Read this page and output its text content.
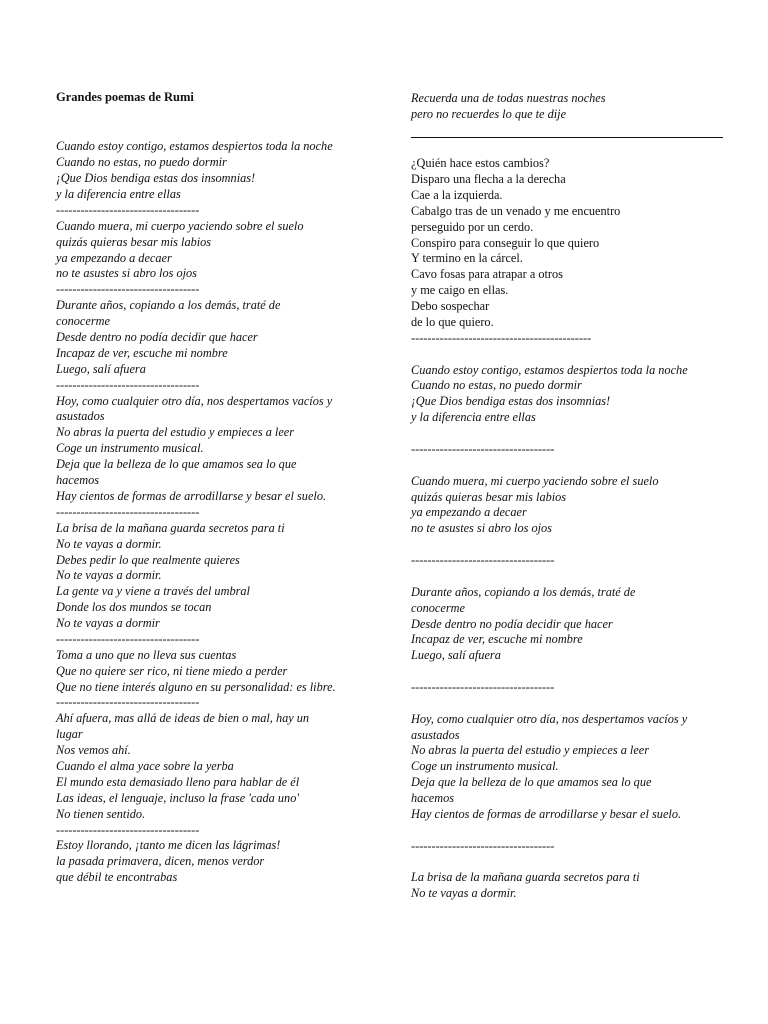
Grandes poemas de Rumi
Cuando estoy contigo, estamos despiertos toda la noche
Cuando no estas, no puedo dormir
¡Que Dios bendiga estas dos insomnias!
y la diferencia entre ellas
-----------------------------------
Cuando muera, mi cuerpo yaciendo sobre el suelo
quizás quieras besar mis labios
ya empezando a decaer
no te asustes si abro los ojos
-----------------------------------
Durante años, copiando a los demás, traté de
conocerme
Desde dentro no podía decidir que hacer
Incapaz de ver, escuche mi nombre
Luego, salí afuera
-----------------------------------
Hoy, como cualquier otro día, nos despertamos vacíos y
asustados
No abras la puerta del estudio y empieces a leer
Coge un instrumento musical.
Deja que la belleza de lo que amamos sea lo que
hacemos
Hay cientos de formas de arrodillarse y besar el suelo.
-----------------------------------
La brisa de la mañana guarda secretos para ti
No te vayas a dormir.
Debes pedir lo que realmente quieres
No te vayas a dormir.
La gente va y viene a través del umbral
Donde los dos mundos se tocan
No te vayas a dormir
-----------------------------------
Toma a uno que no lleva sus cuentas
Que no quiere ser rico, ni tiene miedo a perder
Que no tiene interés alguno en su personalidad: es libre.
-----------------------------------
Ahí afuera, mas allá de ideas de bien o mal, hay un
lugar
Nos vemos ahí.
Cuando el alma yace sobre la yerba
El mundo esta demasiado lleno para hablar de él
Las ideas, el lenguaje, incluso la frase 'cada uno'
No tienen sentido.
-----------------------------------
Estoy llorando, ¡tanto me dicen las lágrimas!
la pasada primavera, dicen, menos verdor
que débil te encontrabas
Recuerda una de todas nuestras noches
pero no recuerdes lo que te dije
¿Quién hace estos cambios?
Disparo una flecha a la derecha
Cae a la izquierda.
Cabalgo tras de un venado y me encuentro
perseguido por un cerdo.
Conspiro para conseguir lo que quiero
Y termino en la cárcel.
Cavo fosas para atrapar a otros
y me caigo en ellas.
Debo sospechar
de lo que quiero.
--------------------------------------------
Cuando estoy contigo, estamos despiertos toda la noche
Cuando no estas, no puedo dormir
¡Que Dios bendiga estas dos insomnias!
y la diferencia entre ellas
-----------------------------------
Cuando muera, mi cuerpo yaciendo sobre el suelo
quizás quieras besar mis labios
ya empezando a decaer
no te asustes si abro los ojos
-----------------------------------
Durante años, copiando a los demás, traté de
conocerme
Desde dentro no podía decidir que hacer
Incapaz de ver, escuche mi nombre
Luego, salí afuera
-----------------------------------
Hoy, como cualquier otro día, nos despertamos vacíos y
asustados
No abras la puerta del estudio y empieces a leer
Coge un instrumento musical.
Deja que la belleza de lo que amamos sea lo que
hacemos
Hay cientos de formas de arrodillarse y besar el suelo.
-----------------------------------
La brisa de la mañana guarda secretos para ti
No te vayas a dormir.
